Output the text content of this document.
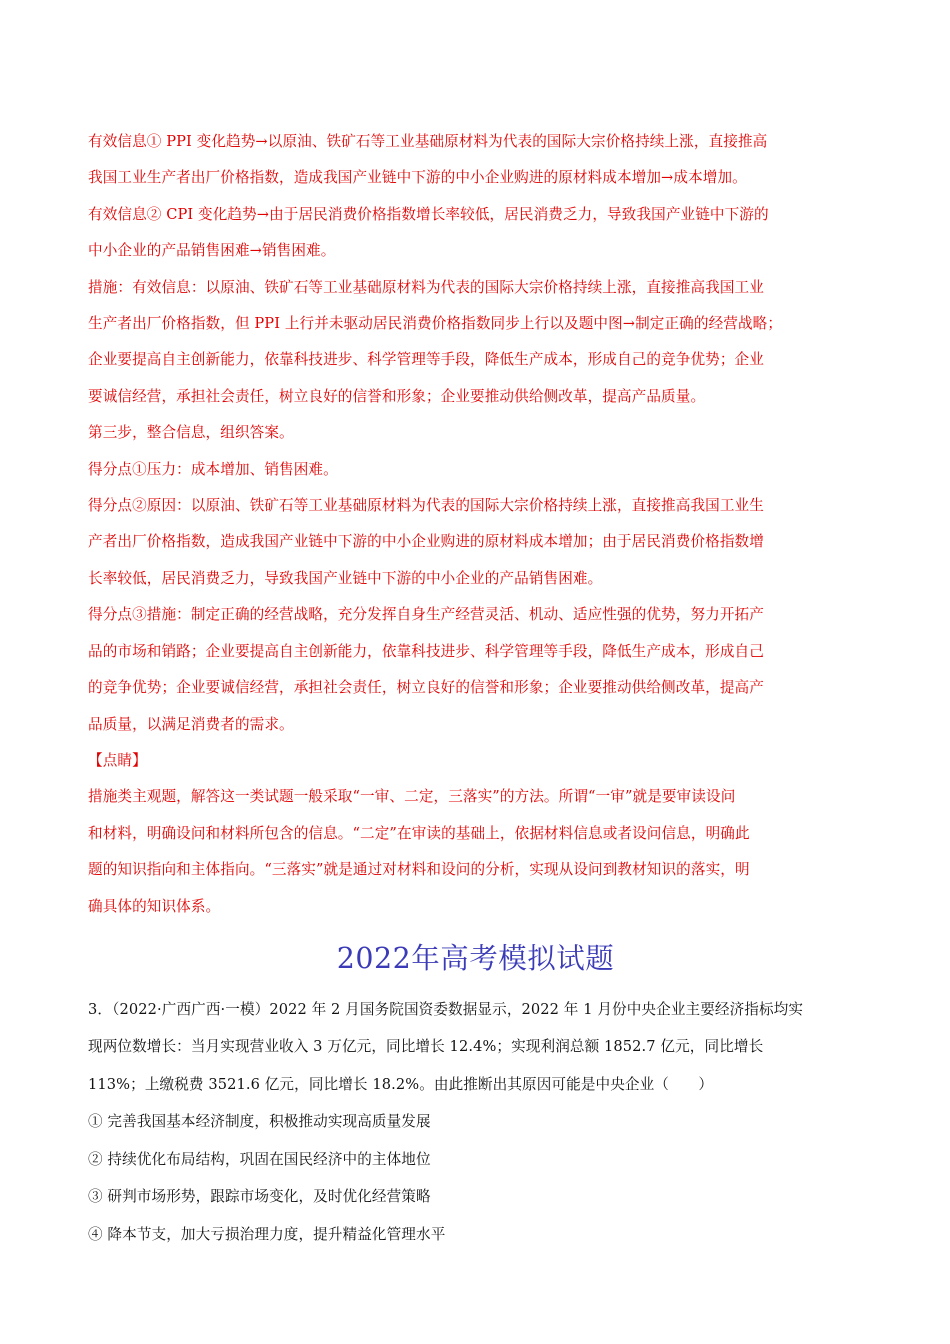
有效信息① PPI 变化趋势→以原油、铁矿石等工业基础原材料为代表的国际大宗价格持续上涨，直接推高

我国工业生产者出厂价格指数，造成我国产业链中下游的中小企业购进的原材料成本增加→成本增加。

有效信息② CPI 变化趋势→由于居民消费价格指数增长率较低，居民消费乏力，导致我国产业链中下游的

中小企业的产品销售困难→销售困难。

措施：有效信息：以原油、铁矿石等工业基础原材料为代表的国际大宗价格持续上涨，直接推高我国工业

生产者出厂价格指数，但 PPI 上行并未驱动居民消费价格指数同步上行以及题中图→制定正确的经营战略；

企业要提高自主创新能力，依靠科技进步、科学管理等手段，降低生产成本，形成自己的竞争优势；企业

要诚信经营，承担社会责任，树立良好的信誉和形象；企业要推动供给侧改革，提高产品质量。

第三步，整合信息，组织答案。

得分点①压力：成本增加、销售困难。

得分点②原因：以原油、铁矿石等工业基础原材料为代表的国际大宗价格持续上涨，直接推高我国工业生

产者出厂价格指数，造成我国产业链中下游的中小企业购进的原材料成本增加；由于居民消费价格指数增

长率较低，居民消费乏力，导致我国产业链中下游的中小企业的产品销售困难。

得分点③措施：制定正确的经营战略，充分发挥自身生产经营灵活、机动、适应性强的优势，努力开拓产

品的市场和销路；企业要提高自主创新能力，依靠科技进步、科学管理等手段，降低生产成本，形成自己

的竞争优势；企业要诚信经营，承担社会责任，树立良好的信誉和形象；企业要推动供给侧改革，提高产

品质量，以满足消费者的需求。

【点睛】

措施类主观题，解答这一类试题一般采取“一审、二定，三落实”的方法。所谓“一审”就是要审读设问

和材料，明确设问和材料所包含的信息。“二定”在审读的基础上，依据材料信息或者设问信息，明确此

题的知识指向和主体指向。“三落实”就是通过对材料和设问的分析，实现从设问到教材知识的落实，明

确具体的知识体系。

2022年高考模拟试题

3．（2022·广西广西·一模）2022 年 2 月国务院国资委数据显示，2022 年 1 月份中央企业主要经济指标均实

现两位数增长：当月实现营业收入 3 万亿元，同比增长 12.4%；实现利润总额 1852.7 亿元，同比增长

113%；上缴税费 3521.6 亿元，同比增长 18.2%。由此推断出其原因可能是中央企业（　　）

① 完善我国基本经济制度，积极推动实现高质量发展

② 持续优化布局结构，巩固在国民经济中的主体地位

③ 研判市场形势，跟踪市场变化，及时优化经营策略

④ 降本节支，加大亏损治理力度，提升精益化管理水平
